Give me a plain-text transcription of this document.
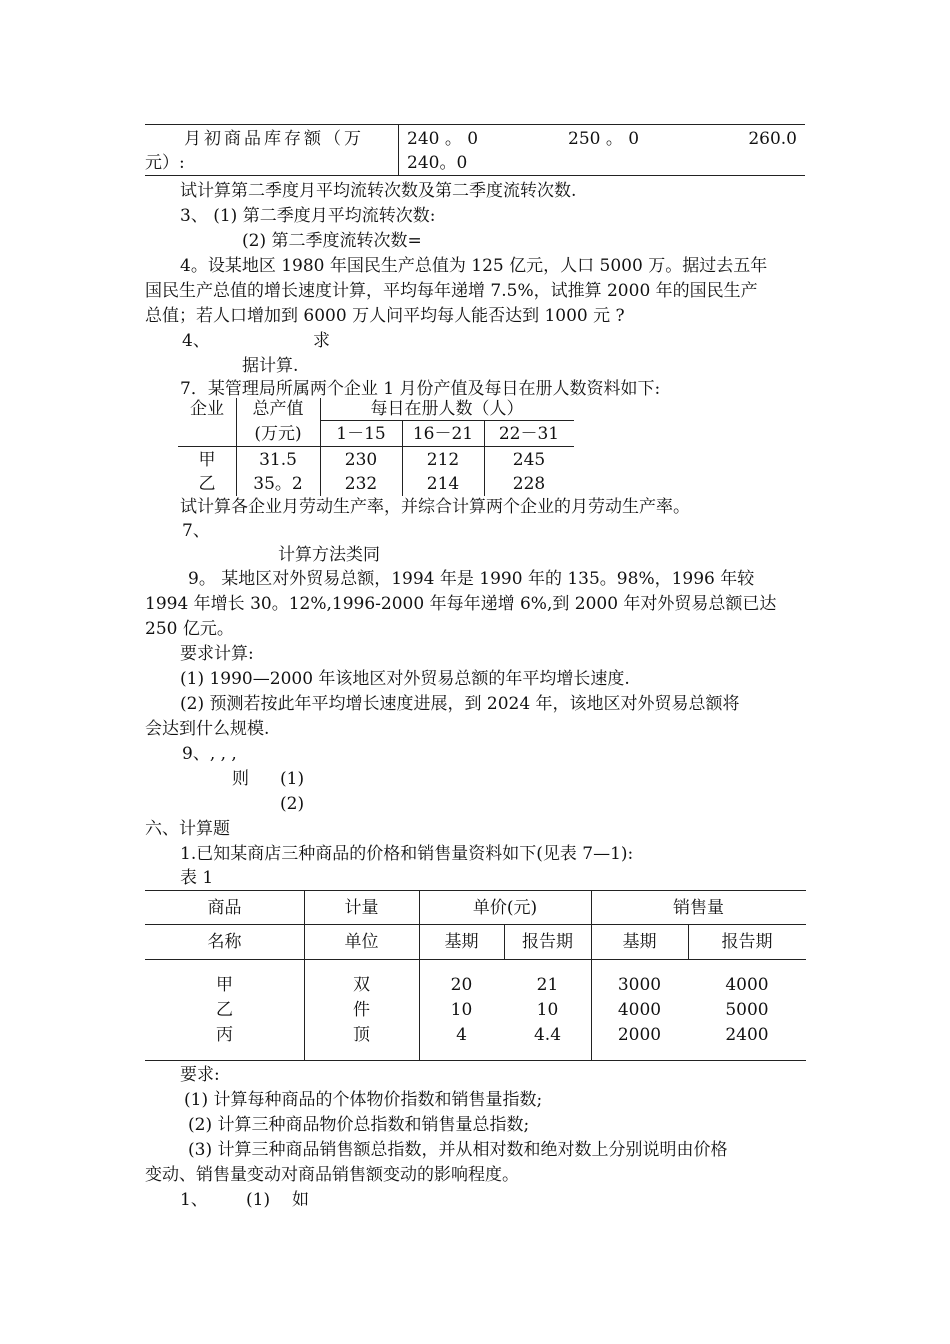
月初商品库存额（万
元）:
240 。 0	250 。 0	260.0
240。0
试计算第二季度月平均流转次数及第二季度流转次数.
3、 (1) 第二季度月平均流转次数:
(2) 第二季度流转次数=
4。设某地区 1980 年国民生产总值为 125 亿元，人口 5000 万。据过去五年
国民生产总值的增长速度计算，平均每年递增 7.5%，试推算 2000 年的国民生产
总值；若人口增加到 6000 万人问平均每人能否达到 1000 元 ?
4、	求
据计算.
7．某管理局所属两个企业 1 月份产值及每日在册人数资料如下:
企业	总产值
(万元)
每日在册人数（人）
1－15	16－21	22－31
甲	31.5	230	212	245
乙	35。2	232	214	228
试计算各企业月劳动生产率，并综合计算两个企业的月劳动生产率。
7、
计算方法类同
9。 某地区对外贸易总额，1994 年是 1990 年的 135。98%，1996 年较
1994 年增长 30。12%,1996-2000 年每年递增 6%,到 2000 年对外贸易总额已达
250 亿元。
要求计算:
(1) 1990—2000 年该地区对外贸易总额的年平均增长速度.
(2) 预测若按此年平均增长速度进展，到 2024 年，该地区对外贸易总额将
会达到什么规模.
9、, , ,
则 (1)
(2)
六、计算题
1.已知某商店三种商品的价格和销售量资料如下(见表 7—1):
表 1
商品	计量	单价(元)	销售量
名称	单位	基期	报告期	基期	报告期
甲	双	20	21	3000	4000
乙	件	10	10	4000	5000
丙	顶	4	4.4	2000	2400
要求:
(1) 计算每种商品的个体物价指数和销售量指数;
(2) 计算三种商品物价总指数和销售量总指数;
(3) 计算三种商品销售额总指数，并从相对数和绝对数上分别说明由价格
变动、销售量变动对商品销售额变动的影响程度。
1、 (1) 如
